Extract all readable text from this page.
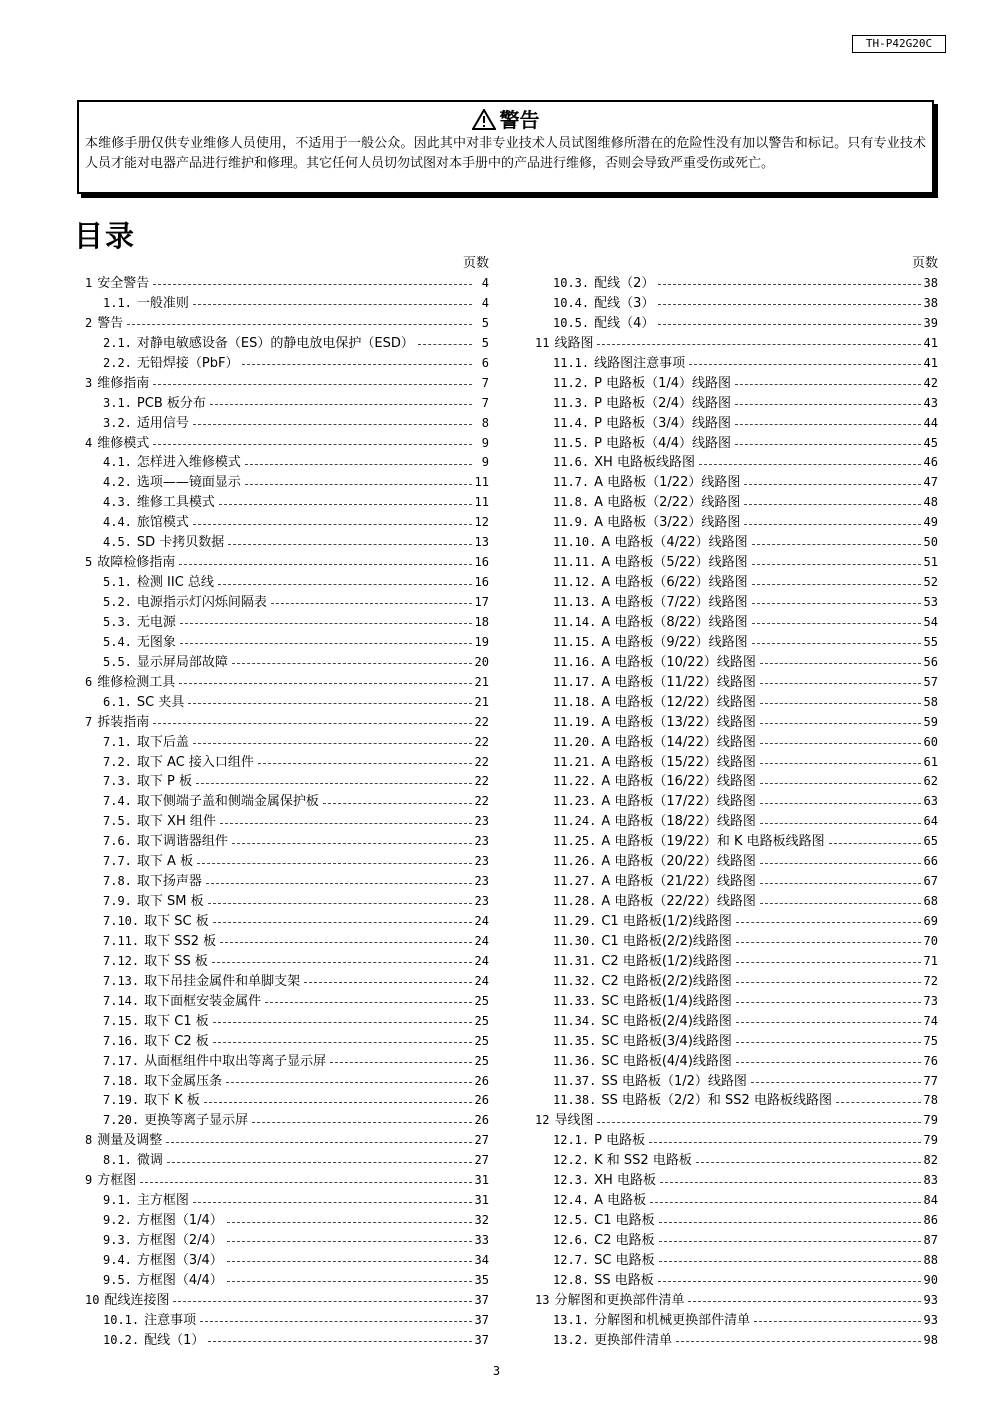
TH-P42G20C
警告
本维修手册仅供专业维修人员使用，不适用于一般公众。因此其中对非专业技术人员试图维修所潜在的危险性没有加以警告和标记。只有专业技术人员才能对电器产品进行维护和修理。其它任何人员切勿试图对本手册中的产品进行维修，否则会导致严重受伤或死亡。
目录
页数
1 安全警告	4
1.1. 一般准则	4
2 警告	5
2.1. 对静电敏感设备（ES）的静电放电保护（ESD）	5
2.2. 无铅焊接（PbF）	6
3 维修指南	7
3.1. PCB 板分布	7
3.2. 适用信号	8
4 维修模式	9
4.1. 怎样进入维修模式	9
4.2. 选项——镜面显示	11
4.3. 维修工具模式	11
4.4. 旅馆模式	12
4.5. SD 卡拷贝数据	13
5 故障检修指南	16
5.1. 检测 IIC 总线	16
5.2. 电源指示灯闪烁间隔表	17
5.3. 无电源	18
5.4. 无图象	19
5.5. 显示屏局部故障	20
6 维修检测工具	21
6.1. SC 夹具	21
7 拆装指南	22
7.1. 取下后盖	22
7.2. 取下 AC 接入口组件	22
7.3. 取下 P 板	22
7.4. 取下侧端子盖和侧端金属保护板	22
7.5. 取下 XH 组件	23
7.6. 取下调谐器组件	23
7.7. 取下 A 板	23
7.8. 取下扬声器	23
7.9. 取下 SM 板	23
7.10. 取下 SC 板	24
7.11. 取下 SS2 板	24
7.12. 取下 SS 板	24
7.13. 取下吊挂金属件和单脚支架	24
7.14. 取下面框安装金属件	25
7.15. 取下 C1 板	25
7.16. 取下 C2 板	25
7.17. 从面框组件中取出等离子显示屏	25
7.18. 取下金属压条	26
7.19. 取下 K 板	26
7.20. 更换等离子显示屏	26
8 测量及调整	27
8.1. 微调	27
9 方框图	31
9.1. 主方框图	31
9.2. 方框图（1/4）	32
9.3. 方框图（2/4）	33
9.4. 方框图（3/4）	34
9.5. 方框图（4/4）	35
10 配线连接图	37
10.1. 注意事项	37
10.2. 配线（1）	37
页数
10.3. 配线（2）	38
10.4. 配线（3）	38
10.5. 配线（4）	39
11 线路图	41
11.1. 线路图注意事项	41
11.2. P 电路板（1/4）线路图	42
11.3. P 电路板（2/4）线路图	43
11.4. P 电路板（3/4）线路图	44
11.5. P 电路板（4/4）线路图	45
11.6. XH 电路板线路图	46
11.7. A 电路板（1/22）线路图	47
11.8. A 电路板（2/22）线路图	48
11.9. A 电路板（3/22）线路图	49
11.10. A 电路板（4/22）线路图	50
11.11. A 电路板（5/22）线路图	51
11.12. A 电路板（6/22）线路图	52
11.13. A 电路板（7/22）线路图	53
11.14. A 电路板（8/22）线路图	54
11.15. A 电路板（9/22）线路图	55
11.16. A 电路板（10/22）线路图	56
11.17. A 电路板（11/22）线路图	57
11.18. A 电路板（12/22）线路图	58
11.19. A 电路板（13/22）线路图	59
11.20. A 电路板（14/22）线路图	60
11.21. A 电路板（15/22）线路图	61
11.22. A 电路板（16/22）线路图	62
11.23. A 电路板（17/22）线路图	63
11.24. A 电路板（18/22）线路图	64
11.25. A 电路板（19/22）和 K 电路板线路图	65
11.26. A 电路板（20/22）线路图	66
11.27. A 电路板（21/22）线路图	67
11.28. A 电路板（22/22）线路图	68
11.29. C1 电路板(1/2)线路图	69
11.30. C1 电路板(2/2)线路图	70
11.31. C2 电路板(1/2)线路图	71
11.32. C2 电路板(2/2)线路图	72
11.33. SC 电路板(1/4)线路图	73
11.34. SC 电路板(2/4)线路图	74
11.35. SC 电路板(3/4)线路图	75
11.36. SC 电路板(4/4)线路图	76
11.37. SS 电路板（1/2）线路图	77
11.38. SS 电路板（2/2）和 SS2 电路板线路图	78
12 导线图	79
12.1. P 电路板	79
12.2. K 和 SS2 电路板	82
12.3. XH 电路板	83
12.4. A 电路板	84
12.5. C1 电路板	86
12.6. C2 电路板	87
12.7. SC 电路板	88
12.8. SS 电路板	90
13 分解图和更换部件清单	93
13.1. 分解图和机械更换部件清单	93
13.2. 更换部件清单	98
3
